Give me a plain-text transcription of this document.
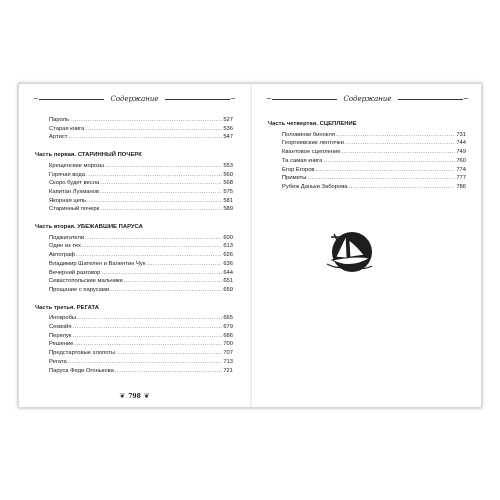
~	Содержание	~
Пароль .....	527
Старая книга .....	536
Артист .....	547
Часть первая. СТАРИННЫЙ ПОЧЕРК
Крещенские морозы .....	553
Горячая вода .....	560
Скоро будет весна .....	568
Капитан Лухманов .....	575
Якорная цепь .....	581
Старинный почерк .....	589
Часть вторая. УБЕЖАВШИЕ ПАРУСА
Поджигатели .....	600
Один из тех .....	613
Автограф .....	626
Владимир Шателен и Валентин Чук .....	636
Вечерний разговор .....	644
Севастопольские мальчики .....	651
Прощание с парусами .....	659
Часть третья. РЕГАТА
Инокробы .....	665
Секвойя .....	679
Перелук .....	686
Решение .....	700
Предстартовые хлопоты .....	707
Регата .....	713
Паруса Феди Огонькова .....	721
❦ 798 ❦
~	Содержание	~
Часть четвертая. СЦЕПЛЕНИЕ
Половинки бинокля .....	731
Георгиевские ленточки .....	744
Квантовое сцепление .....	749
Та самая книга .....	760
Егор Егоров .....	774
Приметы .....	777
Рубеж Даньки Заборова .....	786
